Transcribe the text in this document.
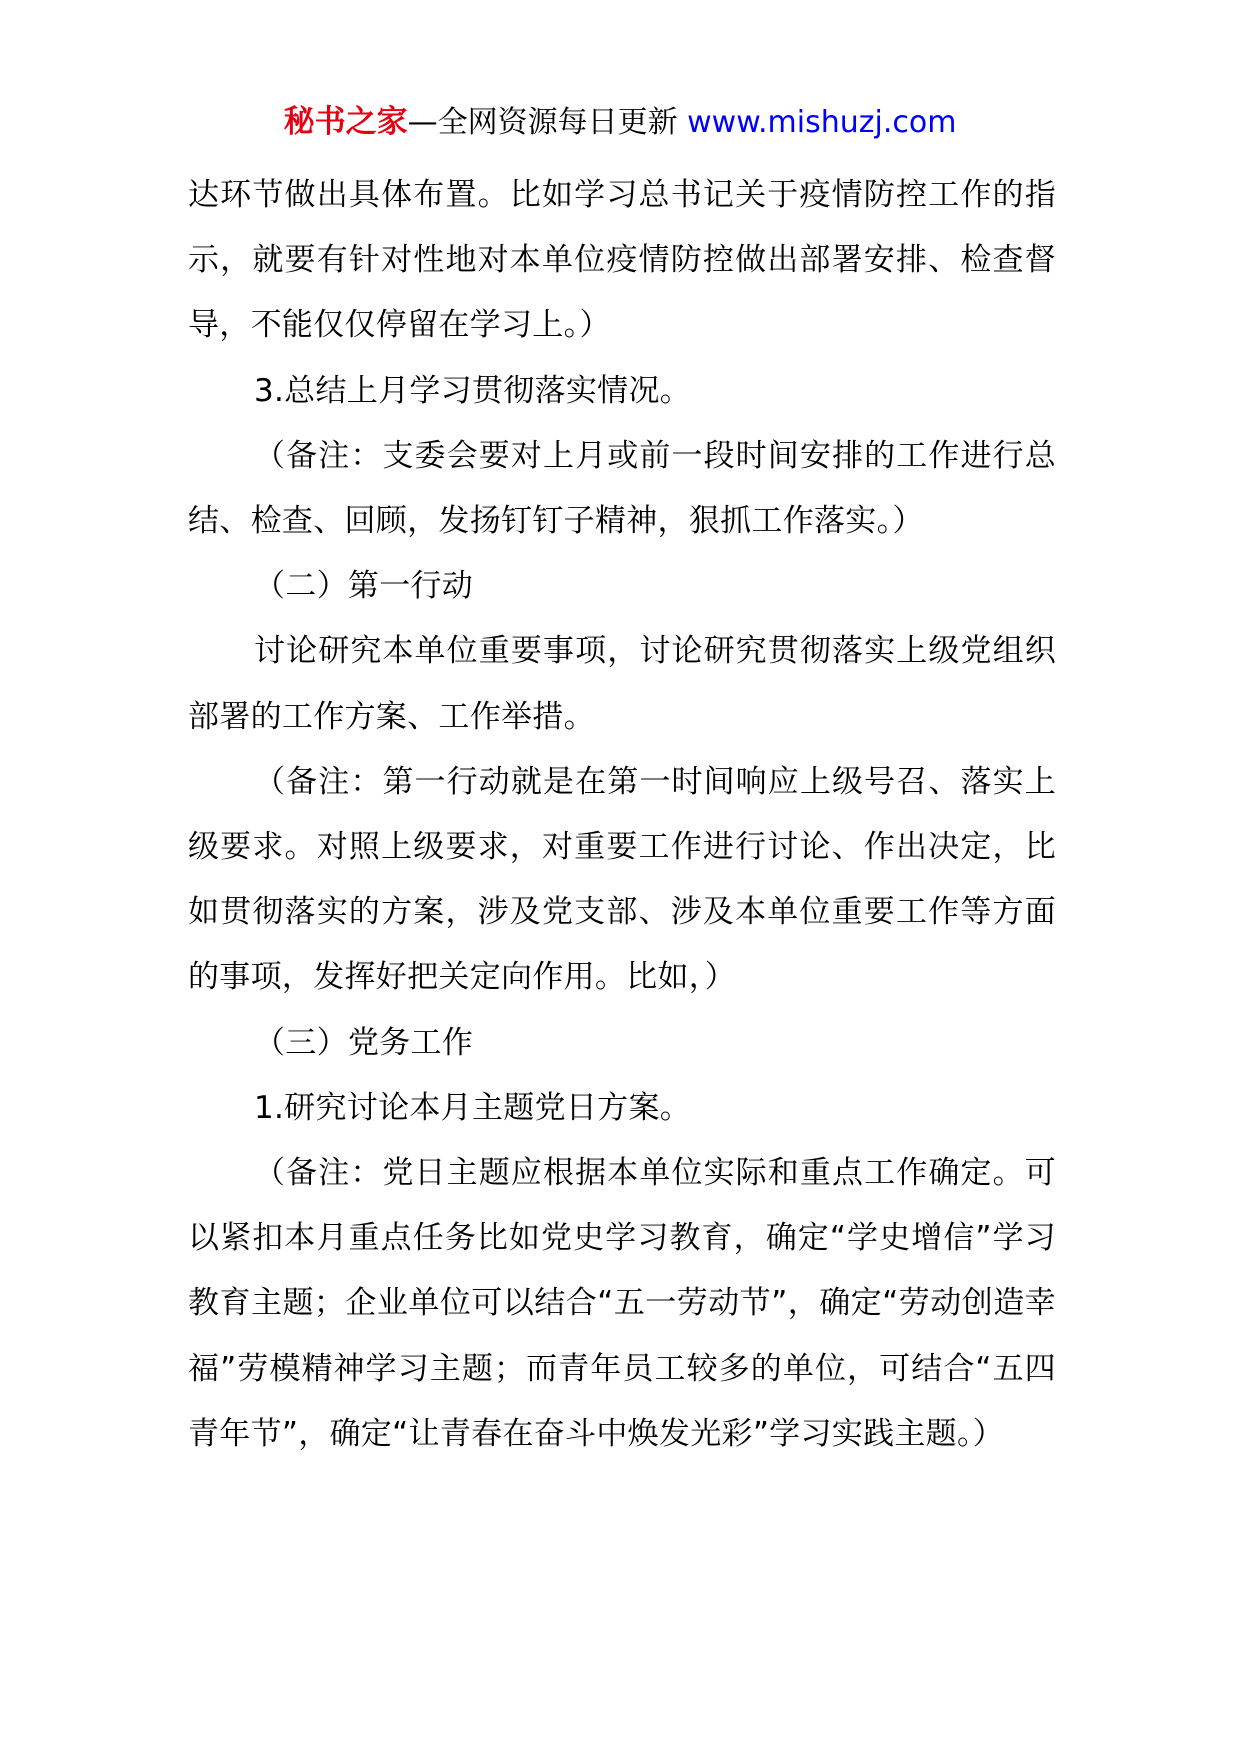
秘书之家—全网资源每日更新 www.mishuzj.com

达环节做出具体布置。比如学习总书记关于疫情防控工作的指示，就要有针对性地对本单位疫情防控做出部署安排、检查督导，不能仅仅停留在学习上。）

3.总结上月学习贯彻落实情况。

（备注：支委会要对上月或前一段时间安排的工作进行总结、检查、回顾，发扬钉钉子精神，狠抓工作落实。）

（二）第一行动

讨论研究本单位重要事项，讨论研究贯彻落实上级党组织部署的工作方案、工作举措。

（备注：第一行动就是在第一时间响应上级号召、落实上级要求。对照上级要求，对重要工作进行讨论、作出决定，比如贯彻落实的方案，涉及党支部、涉及本单位重要工作等方面的事项，发挥好把关定向作用。比如，）

（三）党务工作

1.研究讨论本月主题党日方案。

（备注：党日主题应根据本单位实际和重点工作确定。可以紧扣本月重点任务比如党史学习教育，确定“学史增信”学习教育主题；企业单位可以结合“五一劳动节”，确定“劳动创造幸福”劳模精神学习主题；而青年员工较多的单位，可结合“五四青年节”，确定“让青春在奋斗中焕发光彩”学习实践主题。）
